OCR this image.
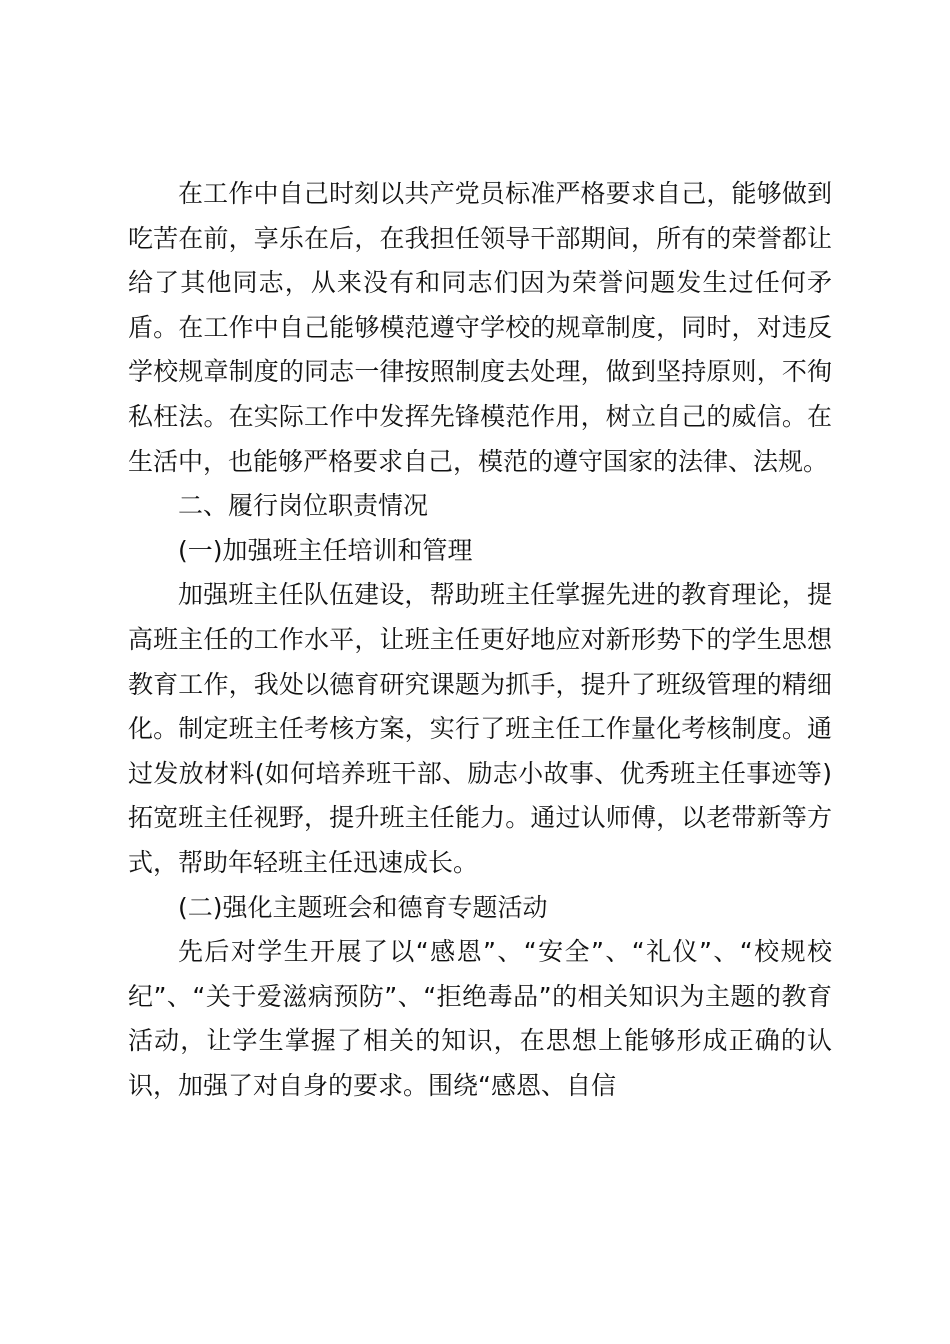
在工作中自己时刻以共产党员标准严格要求自己，能够做到吃苦在前，享乐在后，在我担任领导干部期间，所有的荣誉都让给了其他同志，从来没有和同志们因为荣誉问题发生过任何矛盾。在工作中自己能够模范遵守学校的规章制度，同时，对违反学校规章制度的同志一律按照制度去处理，做到坚持原则，不徇私枉法。在实际工作中发挥先锋模范作用，树立自己的威信。在生活中，也能够严格要求自己，模范的遵守国家的法律、法规。

二、履行岗位职责情况

(一)加强班主任培训和管理

加强班主任队伍建设，帮助班主任掌握先进的教育理论，提高班主任的工作水平，让班主任更好地应对新形势下的学生思想教育工作，我处以德育研究课题为抓手，提升了班级管理的精细化。制定班主任考核方案，实行了班主任工作量化考核制度。通过发放材料(如何培养班干部、励志小故事、优秀班主任事迹等)拓宽班主任视野，提升班主任能力。通过认师傅，以老带新等方式，帮助年轻班主任迅速成长。

(二)强化主题班会和德育专题活动

先后对学生开展了以“感恩”、“安全”、“礼仪”、“校规校纪”、“关于爱滋病预防”、“拒绝毒品”的相关知识为主题的教育活动，让学生掌握了相关的知识，在思想上能够形成正确的认识，加强了对自身的要求。围绕“感恩、自信
